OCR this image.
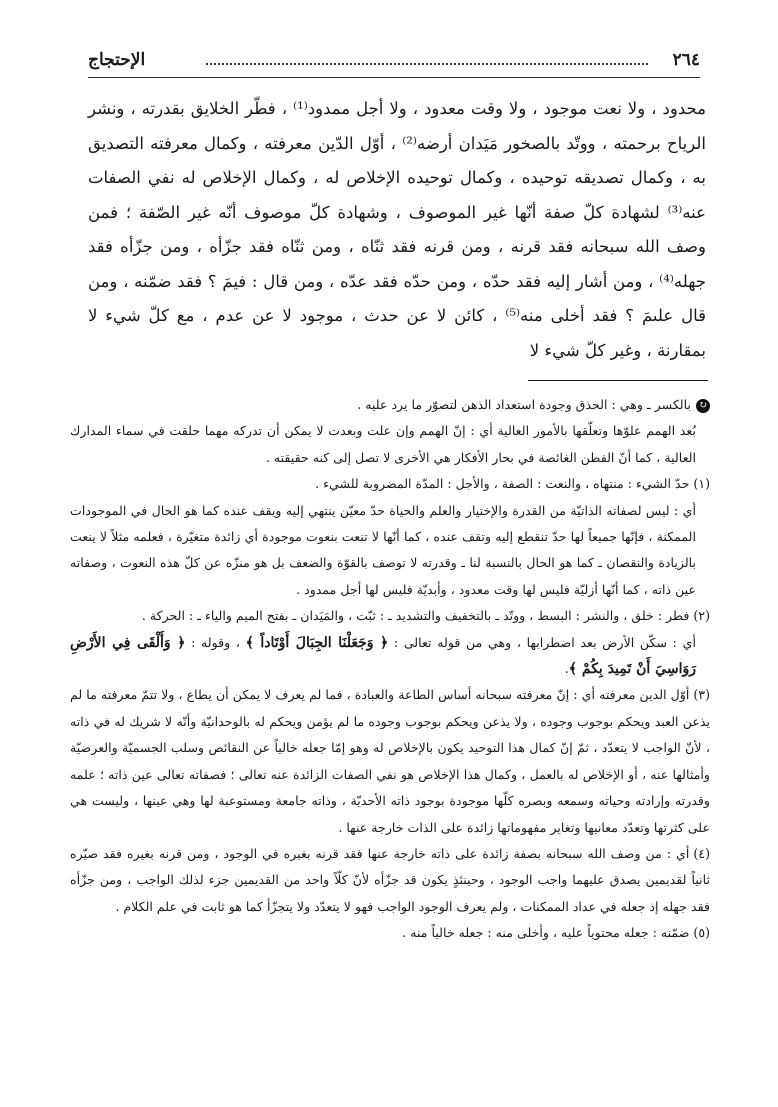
٢٦٤
الإحتجاج

محدود ، ولا نعت موجود ، ولا وقت معدود ، ولا أجل ممدود⁽¹⁾ ، فطّر الخلايق بقدرته ، ونشر الرياح برحمته ، ووتّد بالصخور مَيَدان أرضه⁽²⁾ ، أوّل الدّين معرفته ، وكمال معرفته التصديق به ، وكمال تصديقه توحيده ، وكمال توحيده الإخلاص له ، وكمال الإخلاص له نفي الصفات عنه⁽³⁾ لشهادة كلّ صفة أنّها غير الموصوف ، وشهادة كلّ موصوف أنّه غير الصّفة ؛ فمن وصف الله سبحانه فقد قرنه ، ومن قرنه فقد ثنّاه ، ومن ثنّاه فقد جزّأه ، ومن جزّأه فقد جهله⁽⁴⁾ ، ومن أشار إليه فقد حدّه ، ومن حدّه فقد عدّه ، ومن قال : فيمَ ؟ فقد ضمّنه ، ومن قال علىمَ ؟ فقد أخلى منه⁽⁵⁾ ، كائن لا عن حدث ، موجود لا عن عدم ، مع كلّ شيء لا بمقارنة ، وغير كلّ شيء لا

↻بالكسر ـ وهي : الحذق وجودة استعداد الذهن لتصوّر ما يرد عليه .

بُعد الهمم علوّها وتعلّقها بالأمور العالية أي : إنّ الهمم وإن علت وبعدت لا يمكن أن تدركه مهما حلقت في سماء المدارك العالية ، كما أنّ الفطن الغائصة في بحار الأفكار هي الأخرى لا تصل إلى كنه حقيقته .

(١)حدّ الشيء : منتهاه ، والنعت : الصفة ، والأجل : المدّة المضروبة للشيء .

أي : ليس لصفاته الذاتيّة من القدرة والإختيار والعلم والحياة حدّ معيّن ينتهي إليه ويقف عنده كما هو الحال في الموجودات الممكنة ، فإنّها جميعاً لها حدّ تنقطع إليه وتقف عنده ، كما أنّها لا تنعت بنعوت موجودة أي زائدة متغيّرة ، فعلمه مثلاً لا ينعت بالزيادة والنقصان ـ كما هو الحال بالنسبة لنا ـ وقدرته لا توصف بالقوّة والضعف بل هو منزّه عن كلّ هذه النعوت ، وصفاته عين ذاته ، كما أنّها أزليّة فليس لها وقت معدود ، وأبديّة فليس لها أجل ممدود .

(٢)فطر : خلق ، والنشر : البسط ، ووتّد ـ بالتخفيف والتشديد ـ : ثبّت ، والمَيَدان ـ بفتح الميم والياء ـ : الحركة .

أي : سكّن الأرض بعد اضطرابها ، وهي من قوله تعالى : ﴿ وَجَعَلْنَا الجِبَالَ أَوْتَاداً ﴾ ، وقوله : ﴿ وَأَلْقَى فِي الأَرْضِ رَوَاسِيَ أَنْ تَمِيدَ بِكُمْ ﴾.

(٣)أوّل الدين معرفته أي : إنّ معرفته سبحانه أساس الطاعة والعبادة ، فما لم يعرف لا يمكن أن يطاع ، ولا تتمّ معرفته ما لم يذعن العبد ويحكم بوجوب وجوده ، ولا يذعن ويحكم بوجوب وجوده ما لم يؤمن ويحكم له بالوحدانيّة وأنّه لا شريك له في ذاته ، لأنّ الواجب لا يتعدّد ، ثمّ إنّ كمال هذا التوحيد يكون بالإخلاص له وهو إمّا جعله خالياً عن النقائص وسلب الجسميّة والعرضيّة وأمثالها عنه ، أو الإخلاص له بالعمل ، وكمال هذا الإخلاص هو نفي الصفات الزائدة عنه تعالى ؛ فصفاته تعالى عين ذاته ؛ علمه وقدرته وإرادته وحياته وسمعه وبصره كلّها موجودة بوجود ذاته الأحديّة ، وذاته جامعة ومستوعبة لها وهي عينها ، وليست هي على كثرتها وتعدّد معانيها وتغاير مفهوماتها زائدة على الذات خارجة عنها .

(٤)أي : من وصف الله سبحانه بصفة زائدة على ذاته خارجة عنها فقد قرنه بغيره في الوجود ، ومن قرنه بغيره فقد صيّره ثانياً لقديمين يصدق عليهما واجب الوجود ، وحينئذٍ يكون قد جزّأه لأنّ كلّاً واحد من القديمين جزء لذلك الواجب ، ومن جزّأه فقد جهله إذ جعله في عداد الممكنات ، ولم يعرف الوجود الواجب فهو لا يتعدّد ولا يتجزّأ كما هو ثابت في علم الكلام .

(٥)ضمّنه : جعله محتوياً عليه ، وأخلى منه : جعله خالياً منه .
